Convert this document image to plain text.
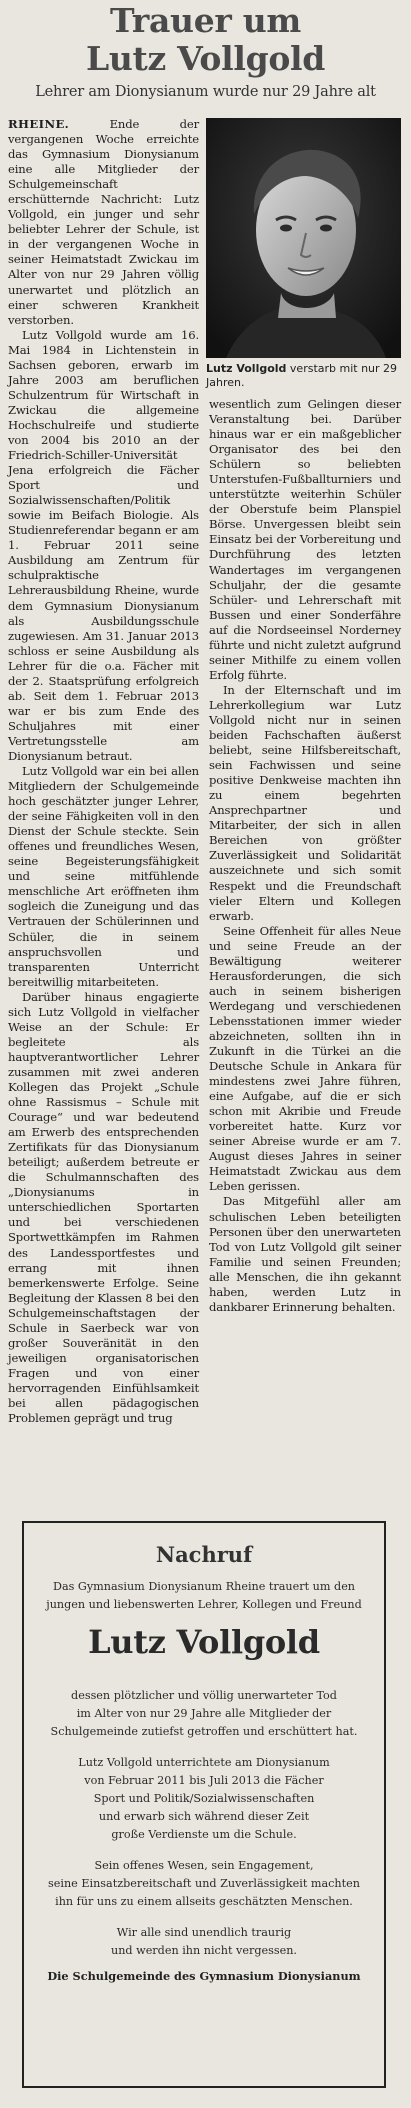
Trauer um
Lutz Vollgold
Lehrer am Dionysianum wurde nur 29 Jahre alt
Lutz Vollgold verstarb mit nur 29 Jahren.

RHEINE.	Ende der vergangenen Woche erreichte das Gymnasium Dionysianum eine alle Mitglieder der Schulgemeinschaft erschütternde Nachricht: Lutz Vollgold, ein junger und sehr beliebter Lehrer der Schule, ist in der vergangenen Woche in seiner Heimatstadt Zwickau im Alter von nur 29 Jahren völlig unerwartet und plötzlich an einer schweren Krankheit verstorben.

Lutz Vollgold wurde am 16. Mai 1984 in Lichtenstein in Sachsen geboren, erwarb im Jahre 2003 am beruflichen Schulzentrum für Wirtschaft in Zwickau die allgemeine Hochschulreife und studierte von 2004 bis 2010 an der Friedrich-Schiller-Universität Jena erfolgreich die Fächer Sport und Sozialwissenschaften/Politik sowie im Beifach Biologie. Als Studienreferendar begann er am 1. Februar 2011 seine Ausbildung am Zentrum für schulpraktische Lehrerausbildung Rheine, wurde dem Gymnasium Dionysianum als Ausbildungsschule zugewiesen. Am 31. Januar 2013 schloss er seine Ausbildung als Lehrer für die o.a. Fächer mit der 2. Staatsprüfung erfolgreich ab. Seit dem 1. Februar 2013 war er bis zum Ende des Schuljahres mit einer Vertretungsstelle am Dionysianum betraut.

Lutz Vollgold war ein bei allen Mitgliedern der Schulgemeinde hoch geschätzter junger Lehrer, der seine Fähigkeiten voll in den Dienst der Schule steckte. Sein offenes und freundliches Wesen, seine Begeisterungsfähigkeit und seine mitfühlende menschliche Art eröffneten ihm sogleich die Zuneigung und das Vertrauen der Schülerinnen und Schüler, die in seinem anspruchsvollen und transparenten Unterricht bereitwillig mitarbeiteten.

Darüber hinaus engagierte sich Lutz Vollgold in vielfacher Weise an der Schule: Er begleitete als hauptverantwortlicher Lehrer zusammen mit zwei anderen Kollegen das Projekt „Schule ohne Rassismus – Schule mit Courage“ und war bedeutend am Erwerb des entsprechenden Zertifikats für das Dionysianum beteiligt; außerdem betreute er die Schulmannschaften des „Dionysianums in unterschiedlichen Sportarten und bei verschiedenen Sportwettkämpfen im Rahmen des Landessportfestes und errang mit ihnen bemerkenswerte Erfolge. Seine Begleitung der Klassen 8 bei den Schulgemeinschaftstagen der Schule in Saerbeck war von großer Souveränität in den jeweiligen organisatorischen Fragen und von einer hervorragenden Einfühlsamkeit bei allen pädagogischen Problemen geprägt und trug

wesentlich zum Gelingen dieser Veranstaltung bei. Darüber hinaus war er ein maßgeblicher Organisator des bei den Schülern so beliebten Unterstufen-Fußballturniers und unterstützte weiterhin Schüler der Oberstufe beim Planspiel Börse. Unvergessen bleibt sein Einsatz bei der Vorbereitung und Durchführung des letzten Wandertages im vergangenen Schuljahr, der die gesamte Schüler- und Lehrerschaft mit Bussen und einer Sonderfähre auf die Nordseeinsel Norderney führte und nicht zuletzt aufgrund seiner Mithilfe zu einem vollen Erfolg führte.

In der Elternschaft und im Lehrerkollegium war Lutz Vollgold nicht nur in seinen beiden Fachschaften äußerst beliebt, seine Hilfsbereitschaft, sein Fachwissen und seine positive Denkweise machten ihn zu einem begehrten Ansprechpartner und Mitarbeiter, der sich in allen Bereichen von größter Zuverlässigkeit und Solidarität auszeichnete und sich somit Respekt und die Freundschaft vieler Eltern und Kollegen erwarb.

Seine Offenheit für alles Neue und seine Freude an der Bewältigung weiterer Herausforderungen, die sich auch in seinem bisherigen Werdegang und verschiedenen Lebensstationen immer wieder abzeichneten, sollten ihn in Zukunft in die Türkei an die Deutsche Schule in Ankara für mindestens zwei Jahre führen, eine Aufgabe, auf die er sich schon mit Akribie und Freude vorbereitet hatte. Kurz vor seiner Abreise wurde er am 7. August dieses Jahres in seiner Heimatstadt Zwickau aus dem Leben gerissen.

Das Mitgefühl aller am schulischen Leben beteiligten Personen über den unerwarteten Tod von Lutz Vollgold gilt seiner Familie und seinen Freunden; alle Menschen, die ihn gekannt haben, werden Lutz in dankbarer Erinnerung behalten.

Nachruf
Das Gymnasium Dionysianum Rheine trauert um den
jungen und liebenswerten Lehrer, Kollegen und Freund
Lutz Vollgold
dessen plötzlicher und völlig unerwarteter Tod
im Alter von nur 29 Jahre alle Mitglieder der
Schulgemeinde zutiefst getroffen und erschüttert hat.
Lutz Vollgold unterrichtete am Dionysianum
von Februar 2011 bis Juli 2013 die Fächer
Sport und Politik/Sozialwissenschaften
und erwarb sich während dieser Zeit
große Verdienste um die Schule.
Sein offenes Wesen, sein Engagement,
seine Einsatzbereitschaft und Zuverlässigkeit machten
ihn für uns zu einem allseits geschätzten Menschen.
Wir alle sind unendlich traurig
und werden ihn nicht vergessen.
Die Schulgemeinde des Gymnasium Dionysianum
